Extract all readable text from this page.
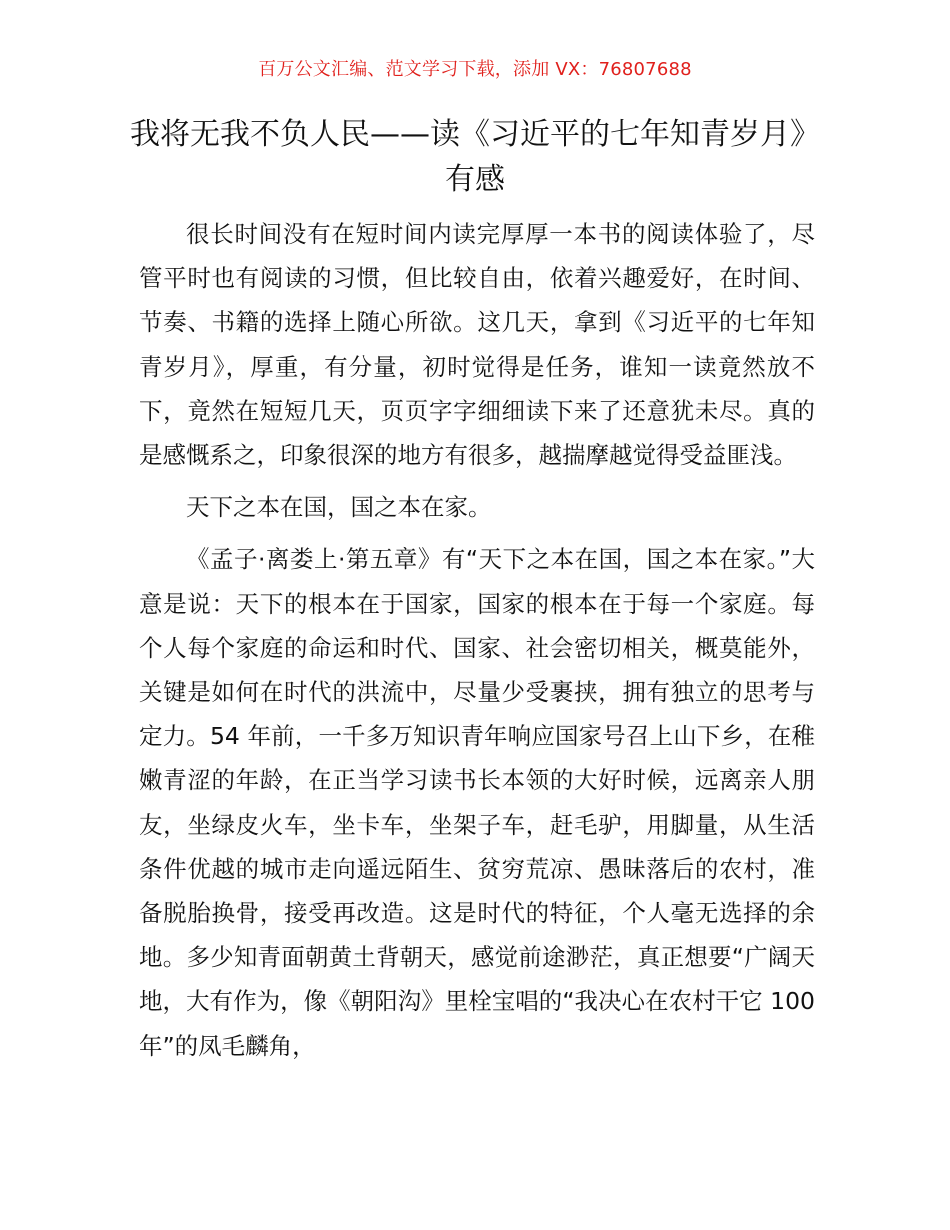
百万公文汇编、范文学习下载，添加 VX：76807688
我将无我不负人民——读《习近平的七年知青岁月》有感

很长时间没有在短时间内读完厚厚一本书的阅读体验了，尽管平时也有阅读的习惯，但比较自由，依着兴趣爱好，在时间、节奏、书籍的选择上随心所欲。这几天，拿到《习近平的七年知青岁月》，厚重，有分量，初时觉得是任务，谁知一读竟然放不下，竟然在短短几天，页页字字细细读下来了还意犹未尽。真的是感慨系之，印象很深的地方有很多，越揣摩越觉得受益匪浅。

天下之本在国，国之本在家。

《孟子·离娄上·第五章》有“天下之本在国，国之本在家。”大意是说：天下的根本在于国家，国家的根本在于每一个家庭。每个人每个家庭的命运和时代、国家、社会密切相关，概莫能外，关键是如何在时代的洪流中，尽量少受裹挟，拥有独立的思考与定力。54 年前，一千多万知识青年响应国家号召上山下乡，在稚嫩青涩的年龄，在正当学习读书长本领的大好时候，远离亲人朋友，坐绿皮火车，坐卡车，坐架子车，赶毛驴，用脚量，从生活条件优越的城市走向遥远陌生、贫穷荒凉、愚昧落后的农村，准备脱胎换骨，接受再改造。这是时代的特征，个人毫无选择的余地。多少知青面朝黄土背朝天，感觉前途渺茫，真正想要“广阔天地，大有作为，像《朝阳沟》里栓宝唱的“我决心在农村干它 100 年”的凤毛麟角，
